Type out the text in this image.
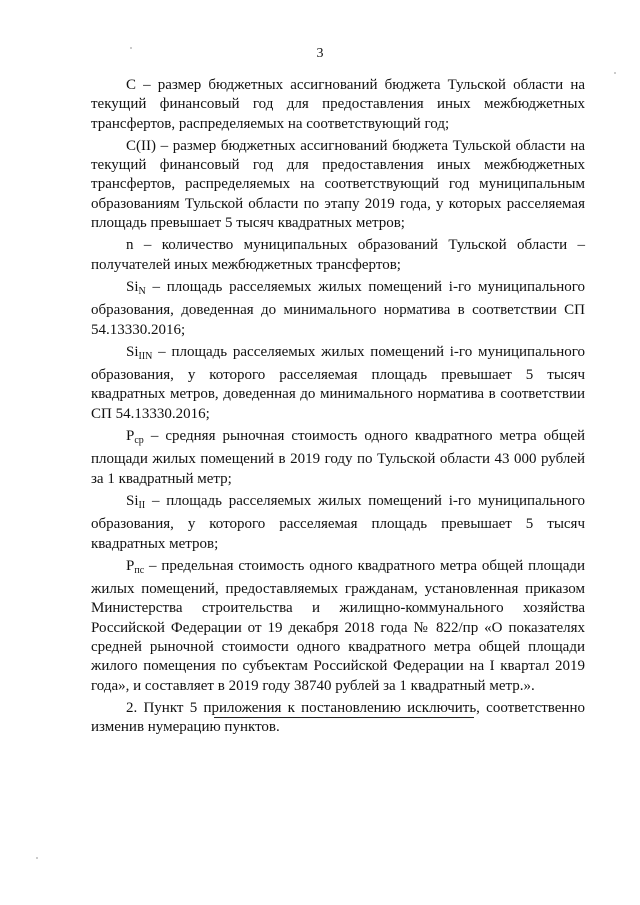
3

C – размер бюджетных ассигнований бюджета Тульской области на текущий финансовый год для предоставления иных межбюджетных трансфертов, распределяемых на соответствующий год;

C(II) – размер бюджетных ассигнований бюджета Тульской области на текущий финансовый год для предоставления иных межбюджетных трансфертов, распределяемых на соответствующий год муниципальным образованиям Тульской области по этапу 2019 года, у которых расселяемая площадь превышает 5 тысяч квадратных метров;

n – количество муниципальных образований Тульской области – получателей иных межбюджетных трансфертов;

$Si_N$ – площадь расселяемых жилых помещений i-го муниципального образования, доведенная до минимального норматива в соответствии СП 54.13330.2016;

$Si_{IIN}$ – площадь расселяемых жилых помещений i-го муниципального образования, у которого расселяемая площадь превышает 5 тысяч квадратных метров, доведенная до минимального норматива в соответствии СП 54.13330.2016;

$P_{ср}$ – средняя рыночная стоимость одного квадратного метра общей площади жилых помещений в 2019 году по Тульской области 43 000 рублей за 1 квадратный метр;

$Si_{II}$ – площадь расселяемых жилых помещений i-го муниципального образования, у которого расселяемая площадь превышает 5 тысяч квадратных метров;

$P_{пс}$ – предельная стоимость одного квадратного метра общей площади жилых помещений, предоставляемых гражданам, установленная приказом Министерства строительства и жилищно-коммунального хозяйства Российской Федерации от 19 декабря 2018 года № 822/пр «О показателях средней рыночной стоимости одного квадратного метра общей площади жилого помещения по субъектам Российской Федерации на I квартал 2019 года», и составляет в 2019 году 38740 рублей за 1 квадратный метр.».

2. Пункт 5 приложения к постановлению исключить, соответственно изменив нумерацию пунктов.
